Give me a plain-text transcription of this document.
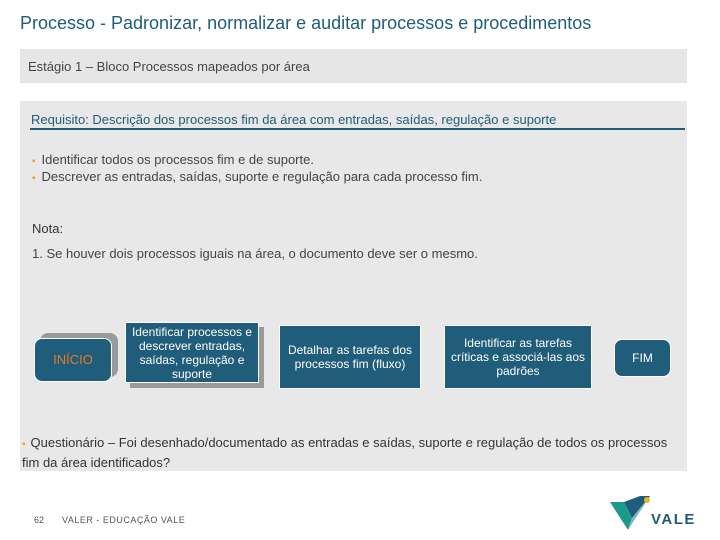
Processo - Padronizar, normalizar e auditar processos e procedimentos
Estágio 1 – Bloco Processos mapeados por área
Requisito: Descrição dos processos fim da área com entradas, saídas, regulação e suporte
▪ Identificar todos os processos fim e de suporte.
▪ Descrever as entradas, saídas, suporte e regulação para cada processo fim.
Nota:
1. Se houver dois processos iguais na área, o documento deve ser o mesmo.
INÍCIO
Identificar processos e descrever entradas, saídas, regulação e suporte
Detalhar as tarefas dos processos fim (fluxo)
Identificar as tarefas críticas e associá-las aos padrões
FIM
▪ Questionário – Foi desenhado/documentado as entradas e saídas, suporte e regulação de todos os processos fim da área identificados?
62 VALER - EDUCAÇÃO VALE	VALE
